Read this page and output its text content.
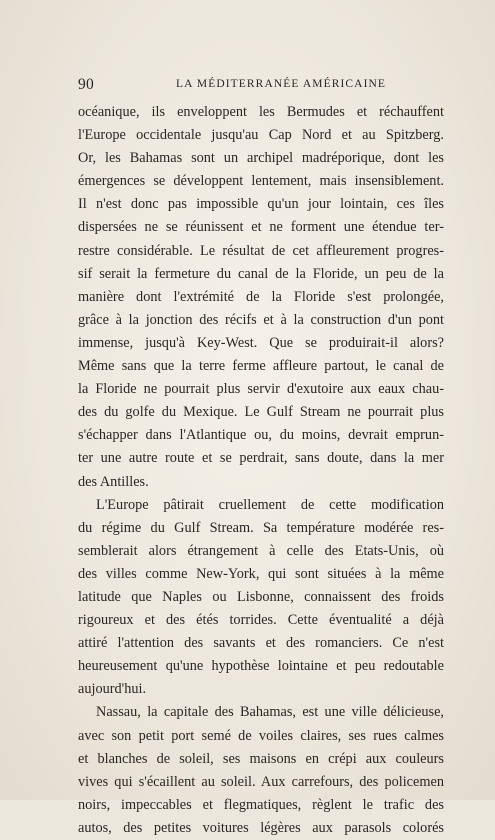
90	LA MÉDITERRANÉE AMÉRICAINE
océanique, ils enveloppent les Bermudes et réchauffent
l'Europe occidentale jusqu'au Cap Nord et au Spitzberg.
Or, les Bahamas sont un archipel madréporique, dont les
émergences se développent lentement, mais insensiblement.
Il n'est donc pas impossible qu'un jour lointain, ces îles
dispersées ne se réunissent et ne forment une étendue ter-
restre considérable. Le résultat de cet affleurement progres-
sif serait la fermeture du canal de la Floride, un peu de la
manière dont l'extrémité de la Floride s'est prolongée,
grâce à la jonction des récifs et à la construction d'un pont
immense, jusqu'à Key-West. Que se produirait-il alors?
Même sans que la terre ferme affleure partout, le canal de
la Floride ne pourrait plus servir d'exutoire aux eaux chau-
des du golfe du Mexique. Le Gulf Stream ne pourrait plus
s'échapper dans l'Atlantique ou, du moins, devrait emprun-
ter une autre route et se perdrait, sans doute, dans la mer
des Antilles.
L'Europe pâtirait cruellement de cette modification
du régime du Gulf Stream. Sa température modérée res-
semblerait alors étrangement à celle des Etats-Unis, où
des villes comme New-York, qui sont situées à la même
latitude que Naples ou Lisbonne, connaissent des froids
rigoureux et des étés torrides. Cette éventualité a déjà
attiré l'attention des savants et des romanciers. Ce n'est
heureusement qu'une hypothèse lointaine et peu redoutable
aujourd'hui.
Nassau, la capitale des Bahamas, est une ville délicieuse,
avec son petit port semé de voiles claires, ses rues calmes
et blanches de soleil, ses maisons en crépi aux couleurs
vives qui s'écaillent au soleil. Aux carrefours, des policemen
noirs, impeccables et flegmatiques, règlent le trafic des
autos, des petites voitures légères aux parasols colorés
